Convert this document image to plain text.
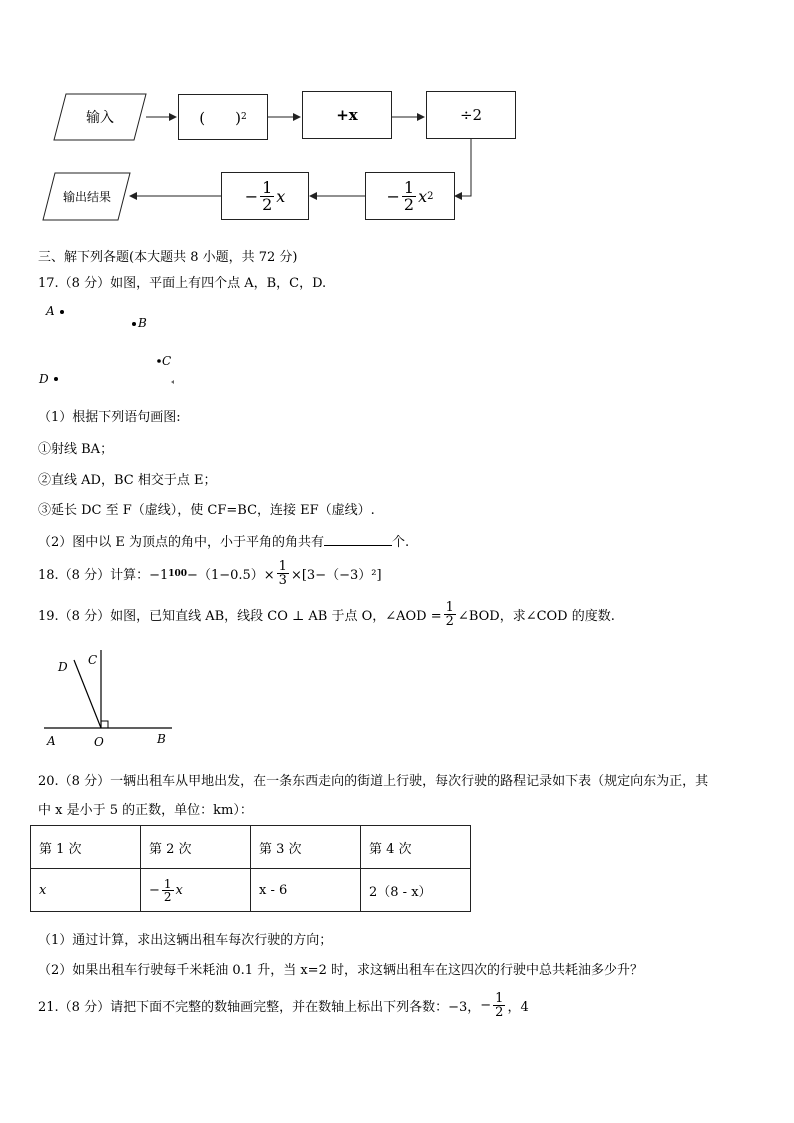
输入	(　　) 2	+x	÷2
− $\frac{1}{2}$ x 2
− $\frac{1}{2}$ x
输出结果
三、解下列各题(本大题共 8 小题，共 72 分)
17.（8 分）如图，平面上有四个点 A，B，C，D.
A
B
C
D
（1）根据下列语句画图:
①射线 BA；
②直线 AD，BC 相交于点 E；
③延长 DC 至 F（虚线），使 CF=BC，连接 EF（虚线）.
（2）图中以 E 为顶点的角中，小于平角的角共有	个.
18.（8 分）计算：−1 $100 -(1-0.5)\times \frac{1}{3} \times[3-(-3)^2]$
19.（8 分）如图，已知直线 AB，线段 CO ⊥ AB 于点 O，∠AOD = $\frac{1}{2}$ ∠BOD，求∠COD 的度数.
D C
A	O	B
20.（8 分）一辆出租车从甲地出发，在一条东西走向的街道上行驶，每次行驶的路程记录如下表（规定向东为正，其
中 x 是小于 5 的正数，单位：km）：
第 1 次	第 2 次	第 3 次	第 4 次
x	− $\frac{1}{2}$ x	x - 6	2（8 - x）
（1）通过计算，求出这辆出租车每次行驶的方向；
（2）如果出租车行驶每千米耗油 0.1 升，当 x=2 时，求这辆出租车在这四次的行驶中总共耗油多少升？
21.（8 分）请把下面不完整的数轴画完整，并在数轴上标出下列各数：−3， − $\frac{1}{2}$ ，4
